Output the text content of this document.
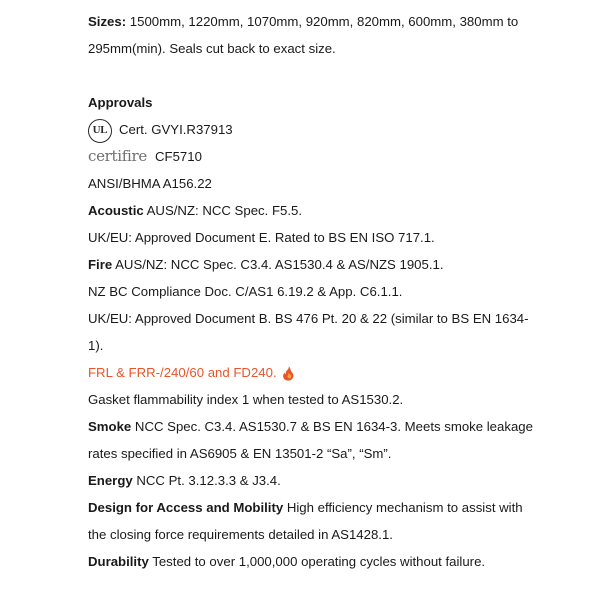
Sizes: 1500mm, 1220mm, 1070mm, 920mm, 820mm, 600mm, 380mm to 295mm(min). Seals cut back to exact size.

Approvals

UL Cert. GVYI.R37913
certifire CF5710

ANSI/BHMA A156.22

Acoustic AUS/NZ: NCC Spec. F5.5.

UK/EU: Approved Document E. Rated to BS EN ISO 717.1.

Fire AUS/NZ: NCC Spec. C3.4. AS1530.4 & AS/NZS 1905.1.

NZ BC Compliance Doc. C/AS1 6.19.2 & App. C6.1.1.

UK/EU: Approved Document B. BS 476 Pt. 20 & 22 (similar to BS EN 1634-1).

FRL & FRR-/240/60 and FD240.

Gasket flammability index 1 when tested to AS1530.2.

Smoke NCC Spec. C3.4. AS1530.7 & BS EN 1634-3. Meets smoke leakage rates specified in AS6905 & EN 13501-2 “Sa”, “Sm”.

Energy NCC Pt. 3.12.3.3 & J3.4.

Design for Access and Mobility High efficiency mechanism to assist with the closing force requirements detailed in AS1428.1.

Durability Tested to over 1,000,000 operating cycles without failure.
